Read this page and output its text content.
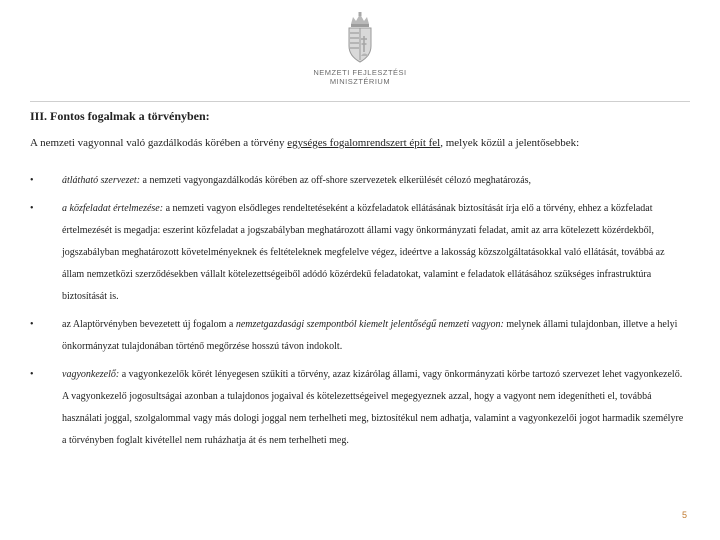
NEMZETI FEJLESZTÉSI
MINISZTÉRIUM
III. Fontos fogalmak a törvényben:
A nemzeti vagyonnal való gazdálkodás körében a törvény egységes fogalomrendszert épít fel, melyek közül a jelentősebbek:
•	átlátható szervezet: a nemzeti vagyongazdálkodás körében az off-shore szervezetek elkerülését célozó meghatározás,
•	a közfeladat értelmezése: a nemzeti vagyon elsődleges rendeltetéseként a közfeladatok ellátásának biztosítását írja elő a törvény, ehhez a közfeladat értelmezését is megadja: eszerint közfeladat a jogszabályban meghatározott állami vagy önkormányzati feladat, amit az arra kötelezett közérdekből, jogszabályban meghatározott követelményeknek és feltételeknek megfelelve végez, ideértve a lakosság közszolgáltatásokkal való ellátását, továbbá az állam nemzetközi szerződésekben vállalt kötelezettségeiből adódó közérdekű feladatokat, valamint e feladatok ellátásához szükséges infrastruktúra biztosítását is.
•	az Alaptörvényben bevezetett új fogalom a nemzetgazdasági szempontból kiemelt jelentőségű nemzeti vagyon: melynek állami tulajdonban, illetve a helyi önkormányzat tulajdonában történő megőrzése hosszú távon indokolt.
•	vagyonkezelő: a vagyonkezelők körét lényegesen szűkíti a törvény, azaz kizárólag állami, vagy önkormányzati körbe tartozó szervezet lehet vagyonkezelő. A vagyonkezelő jogosultságai azonban a tulajdonos jogaival és kötelezettségeivel megegyeznek azzal, hogy a vagyont nem idegenítheti el, továbbá használati joggal, szolgalommal vagy más dologi joggal nem terhelheti meg, biztosítékul nem adhatja, valamint a vagyonkezelői jogot harmadik személyre a törvényben foglalt kivétellel nem ruházhatja át és nem terhelheti meg.
5
